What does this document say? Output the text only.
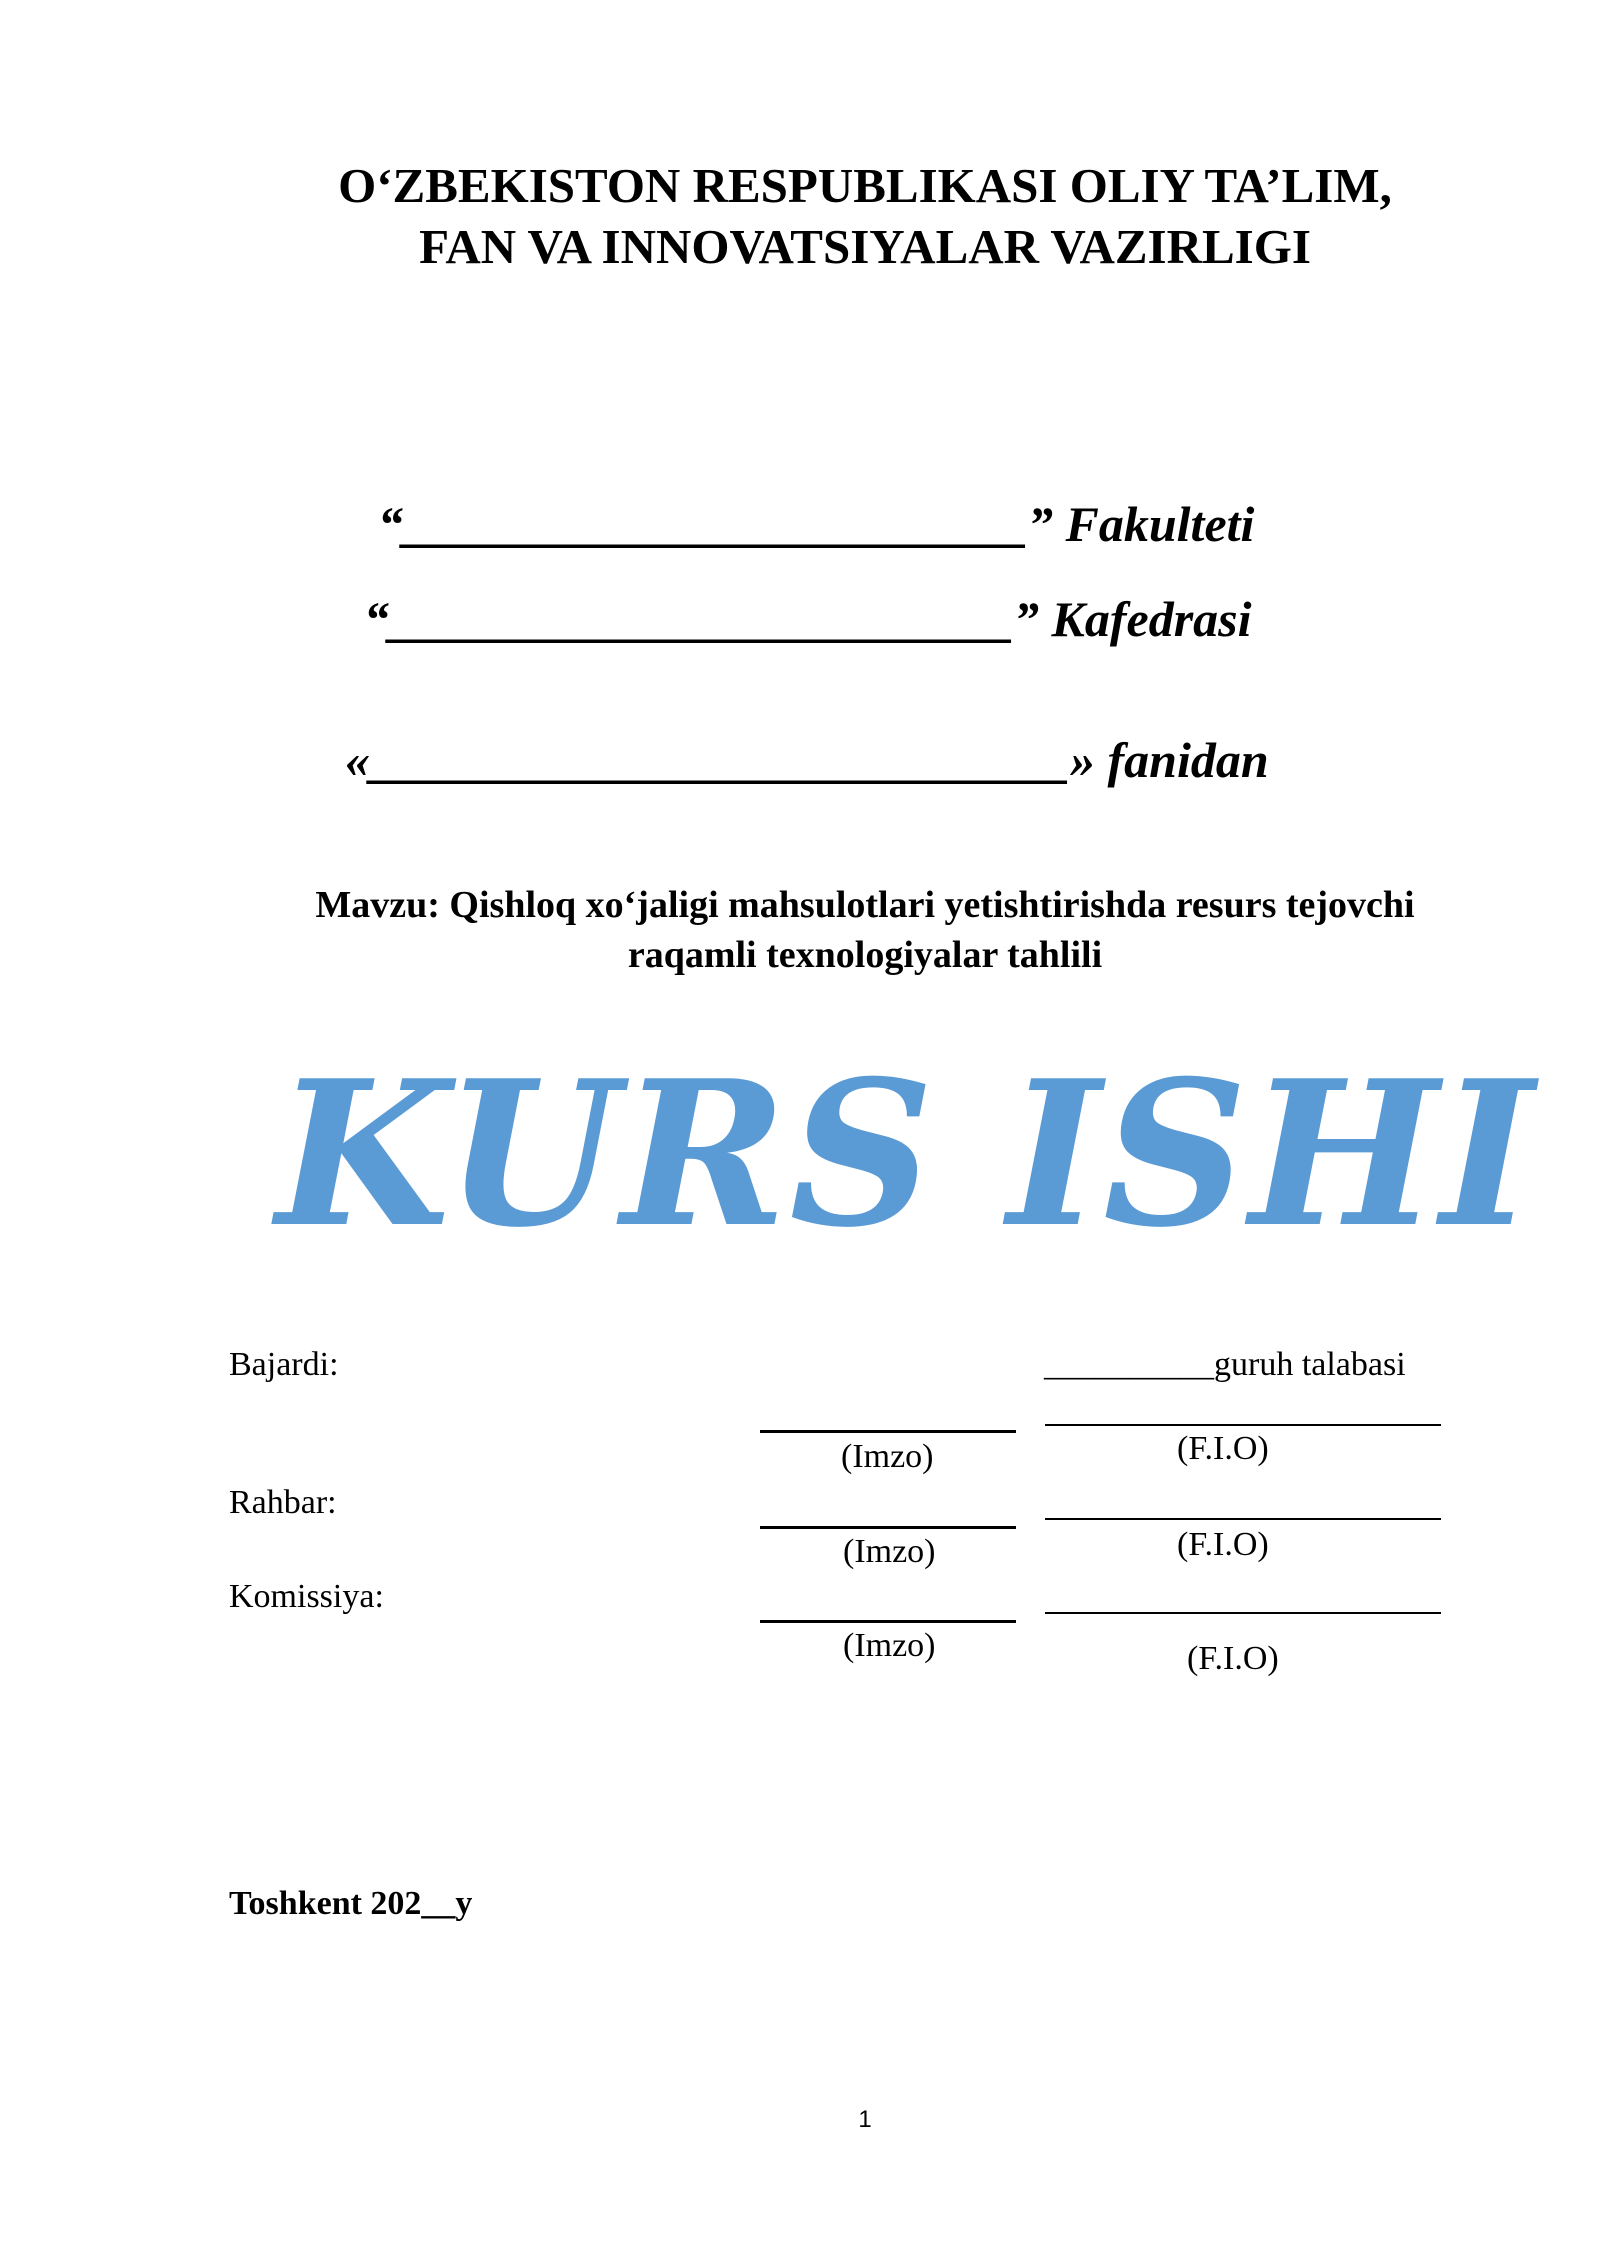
O‘ZBEKISTON RESPUBLIKASI OLIY TA’LIM,
FAN VA INNOVATSIYALAR VAZIRLIGI
“_________________________” Fakulteti
“_________________________” Kafedrasi
«____________________________» fanidan
Mavzu: Qishloq xo‘jaligi mahsulotlari yetishtirishda resurs tejovchi
raqamli texnologiyalar tahlili
KURS ISHI
Bajardi:	__________guruh talabasi
(Imzo)	(F.I.O)
Rahbar:
(Imzo)	(F.I.O)
Komissiya:
(Imzo)	(F.I.O)
Toshkent 202__y
1
